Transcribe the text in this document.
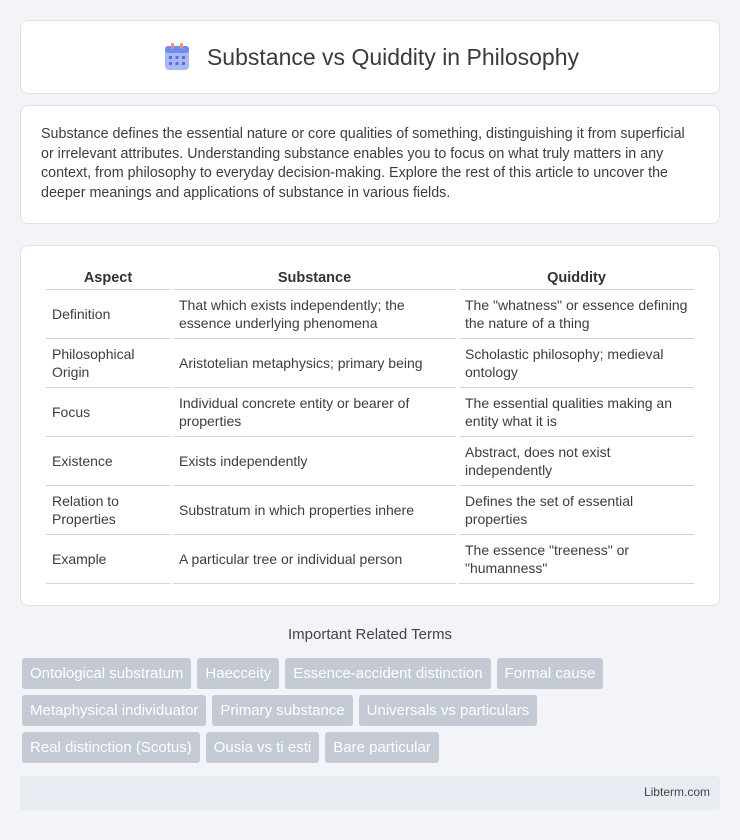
Substance vs Quiddity in Philosophy

Substance defines the essential nature or core qualities of something, distinguishing it from superficial or irrelevant attributes. Understanding substance enables you to focus on what truly matters in any context, from philosophy to everyday decision-making. Explore the rest of this article to uncover the deeper meanings and applications of substance in various fields.

Aspect	Substance	Quiddity
Definition	That which exists independently; the essence underlying phenomena	The "whatness" or essence defining the nature of a thing
Philosophical Origin	Aristotelian metaphysics; primary being	Scholastic philosophy; medieval ontology
Focus	Individual concrete entity or bearer of properties	The essential qualities making an entity what it is
Existence	Exists independently	Abstract, does not exist independently
Relation to Properties	Substratum in which properties inhere	Defines the set of essential properties
Example	A particular tree or individual person	The essence "treeness" or "humanness"
Important Related Terms
Ontological substratum	Haecceity	Essence-accident distinction	Formal cause
Metaphysical individuator	Primary substance	Universals vs particulars
Real distinction (Scotus)	Ousia vs ti esti	Bare particular
Libterm.com
